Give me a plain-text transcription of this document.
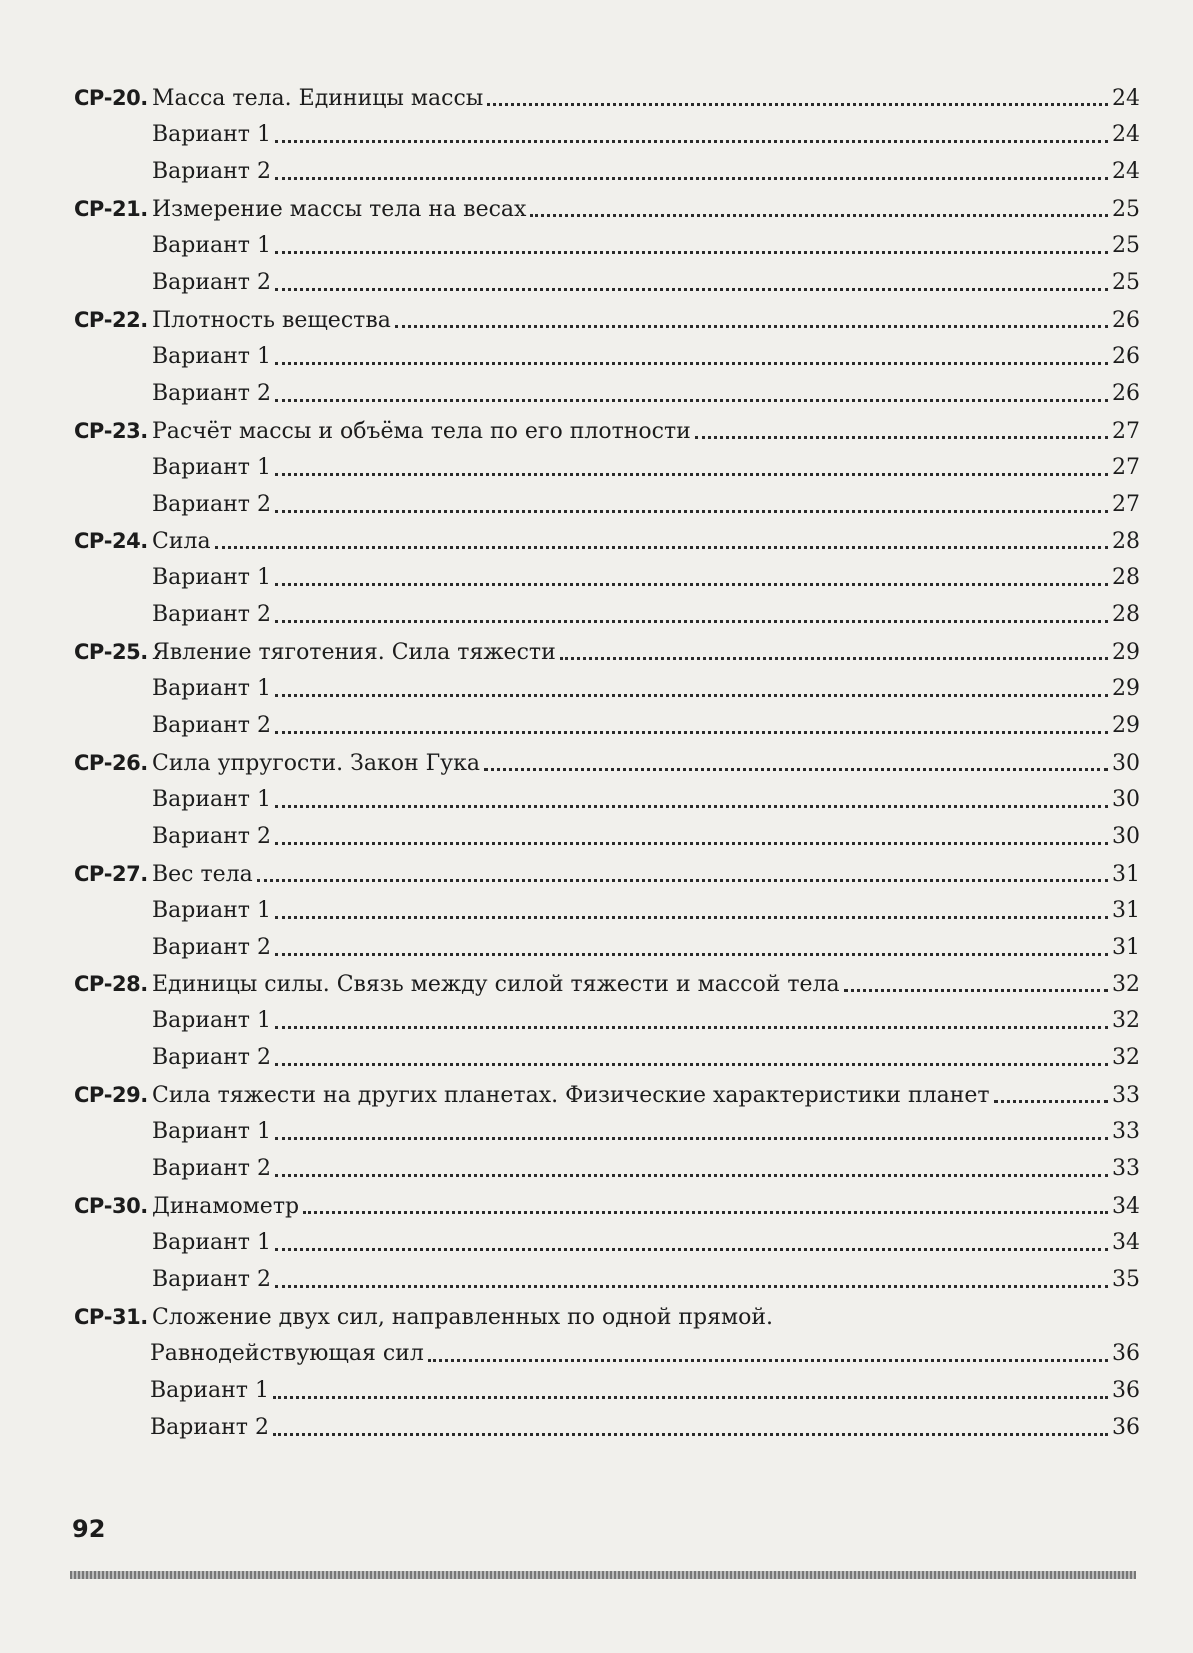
СР-20. Масса тела. Единицы массы	24
Вариант 1	24
Вариант 2	24
СР-21. Измерение массы тела на весах	25
Вариант 1	25
Вариант 2	25
СР-22. Плотность вещества	26
Вариант 1	26
Вариант 2	26
СР-23. Расчёт массы и объёма тела по его плотности	27
Вариант 1	27
Вариант 2	27
СР-24. Сила	28
Вариант 1	28
Вариант 2	28
СР-25. Явление тяготения. Сила тяжести	29
Вариант 1	29
Вариант 2	29
СР-26. Сила упругости. Закон Гука	30
Вариант 1	30
Вариант 2	30
СР-27. Вес тела	31
Вариант 1	31
Вариант 2	31
СР-28. Единицы силы. Связь между силой тяжести и массой тела	32
Вариант 1	32
Вариант 2	32
СР-29. Сила тяжести на других планетах. Физические характеристики планет	33
Вариант 1	33
Вариант 2	33
СР-30. Динамометр	34
Вариант 1	34
Вариант 2	35
СР-31. Сложение двух сил, направленных по одной прямой.
Равнодействующая сил	36
Вариант 1	36
Вариант 2	36
92
